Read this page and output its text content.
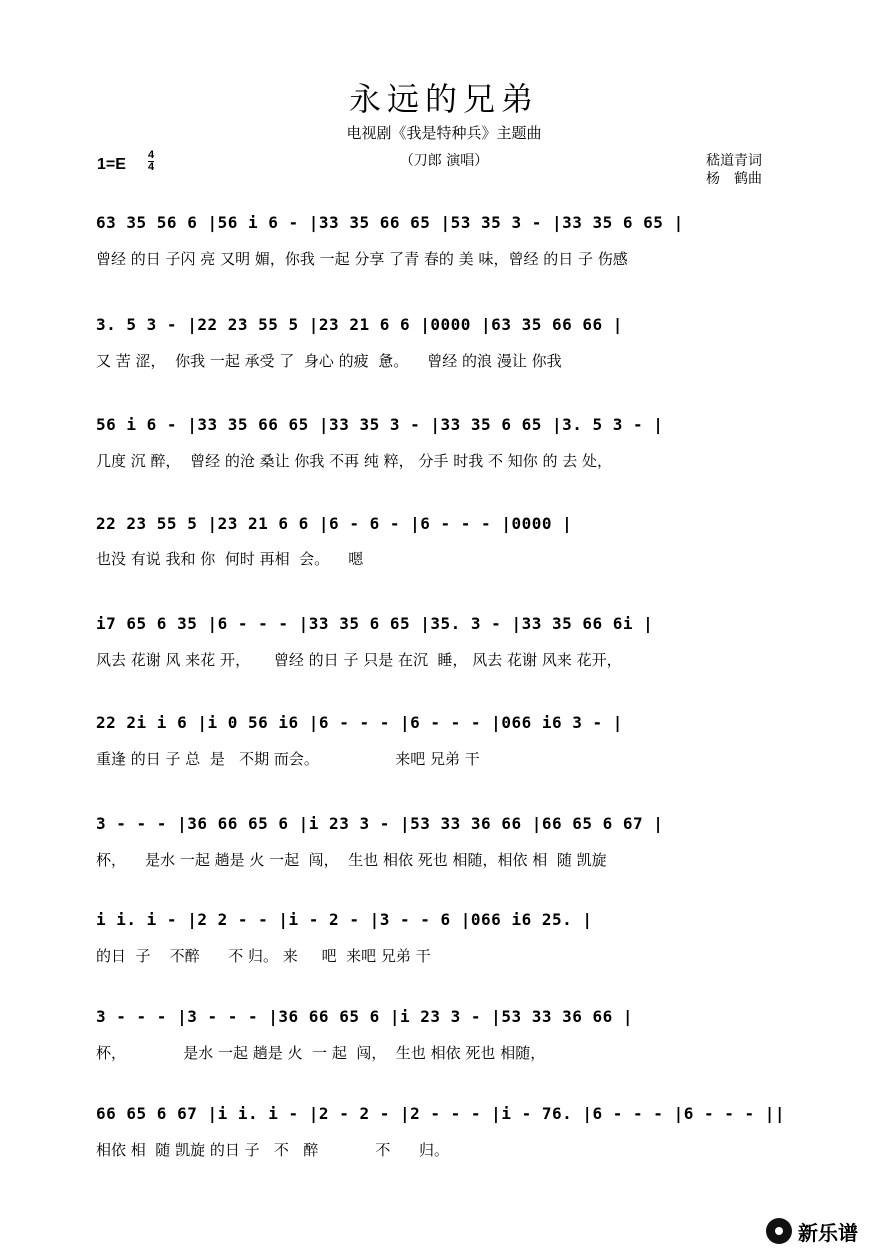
永远的兄弟
电视剧《我是特种兵》主题曲
（刀郎 演唱）
1=E
4
4	嵇道青词
杨　鹤曲
63 35 56 6 |56 i 6 - |33 35 66 65 |53 35 3 - |33 35 6 65 |
曾经 的日 子闪 亮 又明 媚，你我 一起 分享 了青 春的 美 味，曾经 的日 子 伤感
3. 5 3 - |22 23 55 5 |23 21 6 6 |0000 |63 35 66 66 |
又 苦 涩，  你我 一起 承受 了  身心 的疲  惫。    曾经 的浪 漫让 你我
56 i 6 - |33 35 66 65 |33 35 3 - |33 35 6 65 |3. 5 3 - |
几度 沉 醉，  曾经 的沧 桑让 你我 不再 纯 粹， 分手 时我 不 知你 的 去 处，
22 23 55 5 |23 21 6 6 |6 - 6 - |6 - - - |0000 |
也没 有说 我和 你  何时 再相  会。    嗯
i7 65 6 35 |6 - - - |33 35 6 65 |35. 3 - |33 35 66 6i |
风去 花谢 风 来花 开，     曾经 的日 子 只是 在沉  睡， 风去 花谢 风来 花开，
22 2i i 6 |i 0 56 i6 |6 - - - |6 - - - |066 i6 3 - |
重逢 的日 子 总  是   不期 而会。                来吧 兄弟 干
3 - - - |36 66 65 6 |i 23 3 - |53 33 36 66 |66 65 6 67 |
杯，    是水 一起 趟是 火 一起  闯，  生也 相依 死也 相随，相依 相  随 凯旋
i i. i - |2 2 - - |i - 2 - |3 - - 6 |066 i6 25. |
的日  子    不醉      不 归。 来     吧  来吧 兄弟 干
3 - - - |3 - - - |36 66 65 6 |i 23 3 - |53 33 36 66 |
杯，            是水 一起 趟是 火  一 起  闯，  生也 相依 死也 相随，
66 65 6 67 |i i. i - |2 - 2 - |2 - - - |i - 76. |6 - - - |6 - - - ||
相依 相  随 凯旋 的日 子   不   醉            不      归。
新乐谱
